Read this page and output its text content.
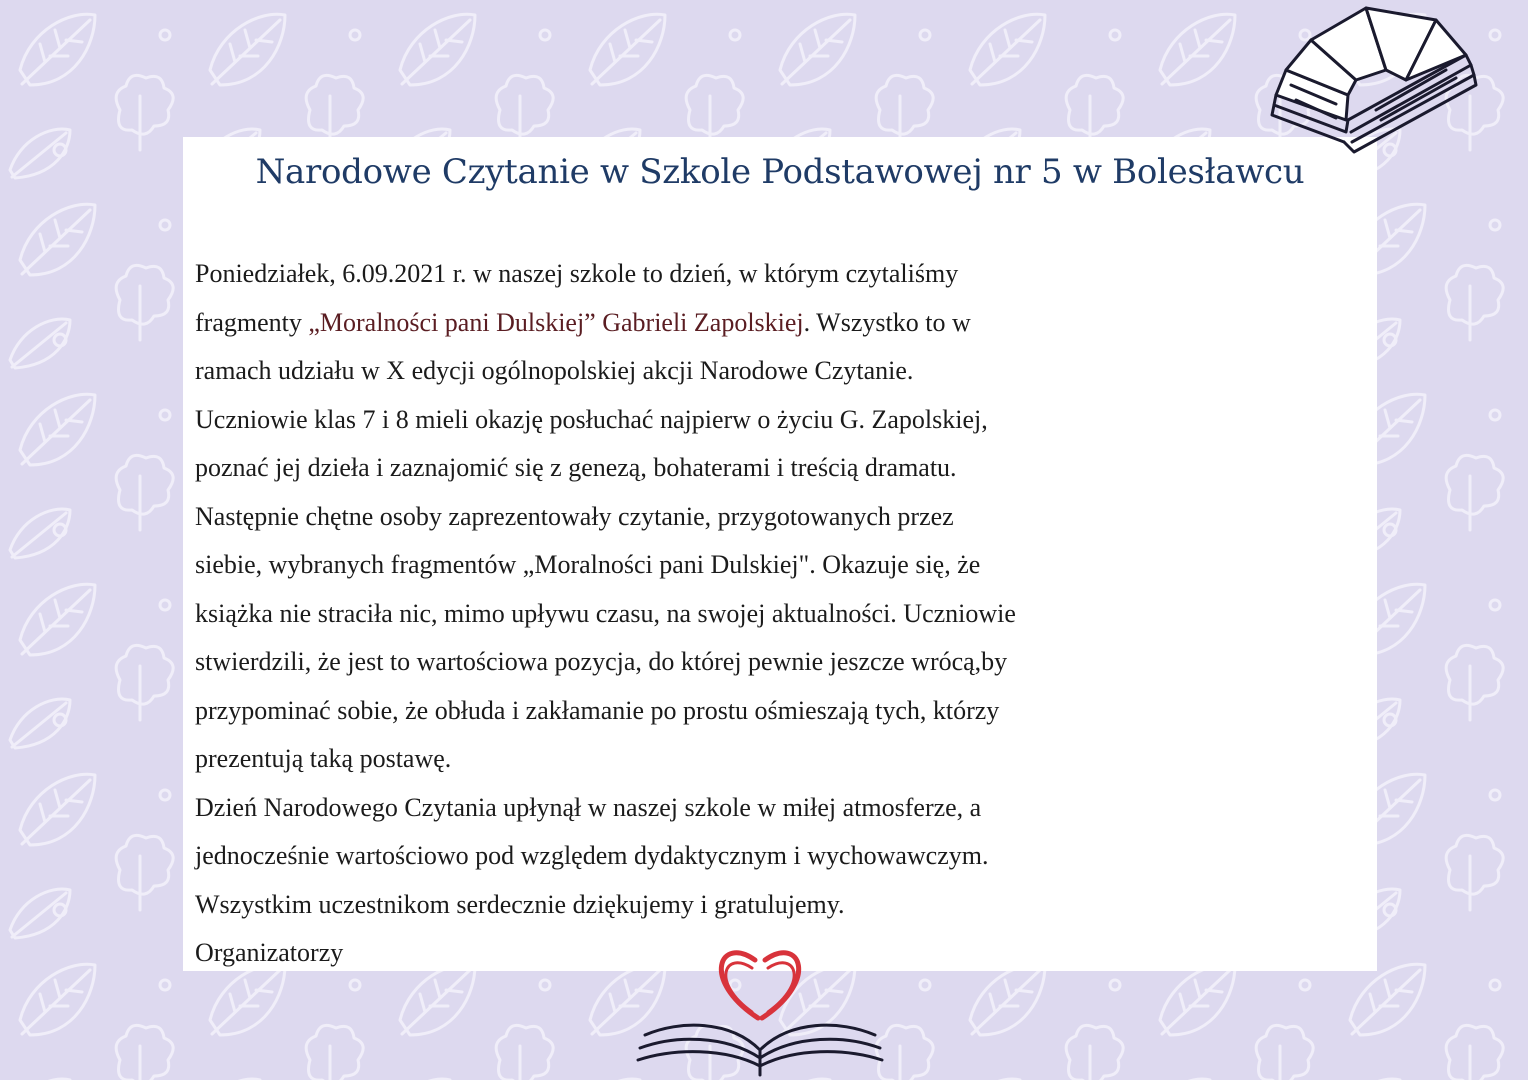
Narodowe Czytanie w Szkole Podstawowej nr 5 w Bolesławcu
Poniedziałek, 6.09.2021 r. w naszej szkole to dzień, w którym czytaliśmy
fragmenty „Moralności pani Dulskiej” Gabrieli Zapolskiej. Wszystko to w
ramach udziału w X edycji ogólnopolskiej akcji Narodowe Czytanie.
Uczniowie klas 7 i 8 mieli okazję posłuchać najpierw o życiu G. Zapolskiej,
poznać jej dzieła i zaznajomić się z genezą, bohaterami i treścią dramatu.
Następnie chętne osoby zaprezentowały czytanie, przygotowanych przez
siebie, wybranych fragmentów „Moralności pani Dulskiej". Okazuje się, że
książka nie straciła nic, mimo upływu czasu, na swojej aktualności. Uczniowie
stwierdzili, że jest to wartościowa pozycja, do której pewnie jeszcze wrócą,by
przypominać sobie, że obłuda i zakłamanie po prostu ośmieszają tych, którzy
prezentują taką postawę.
Dzień Narodowego Czytania upłynął w naszej szkole w miłej atmosferze, a
jednocześnie wartościowo pod względem dydaktycznym i wychowawczym.
Wszystkim uczestnikom serdecznie dziękujemy i gratulujemy.
Organizatorzy
